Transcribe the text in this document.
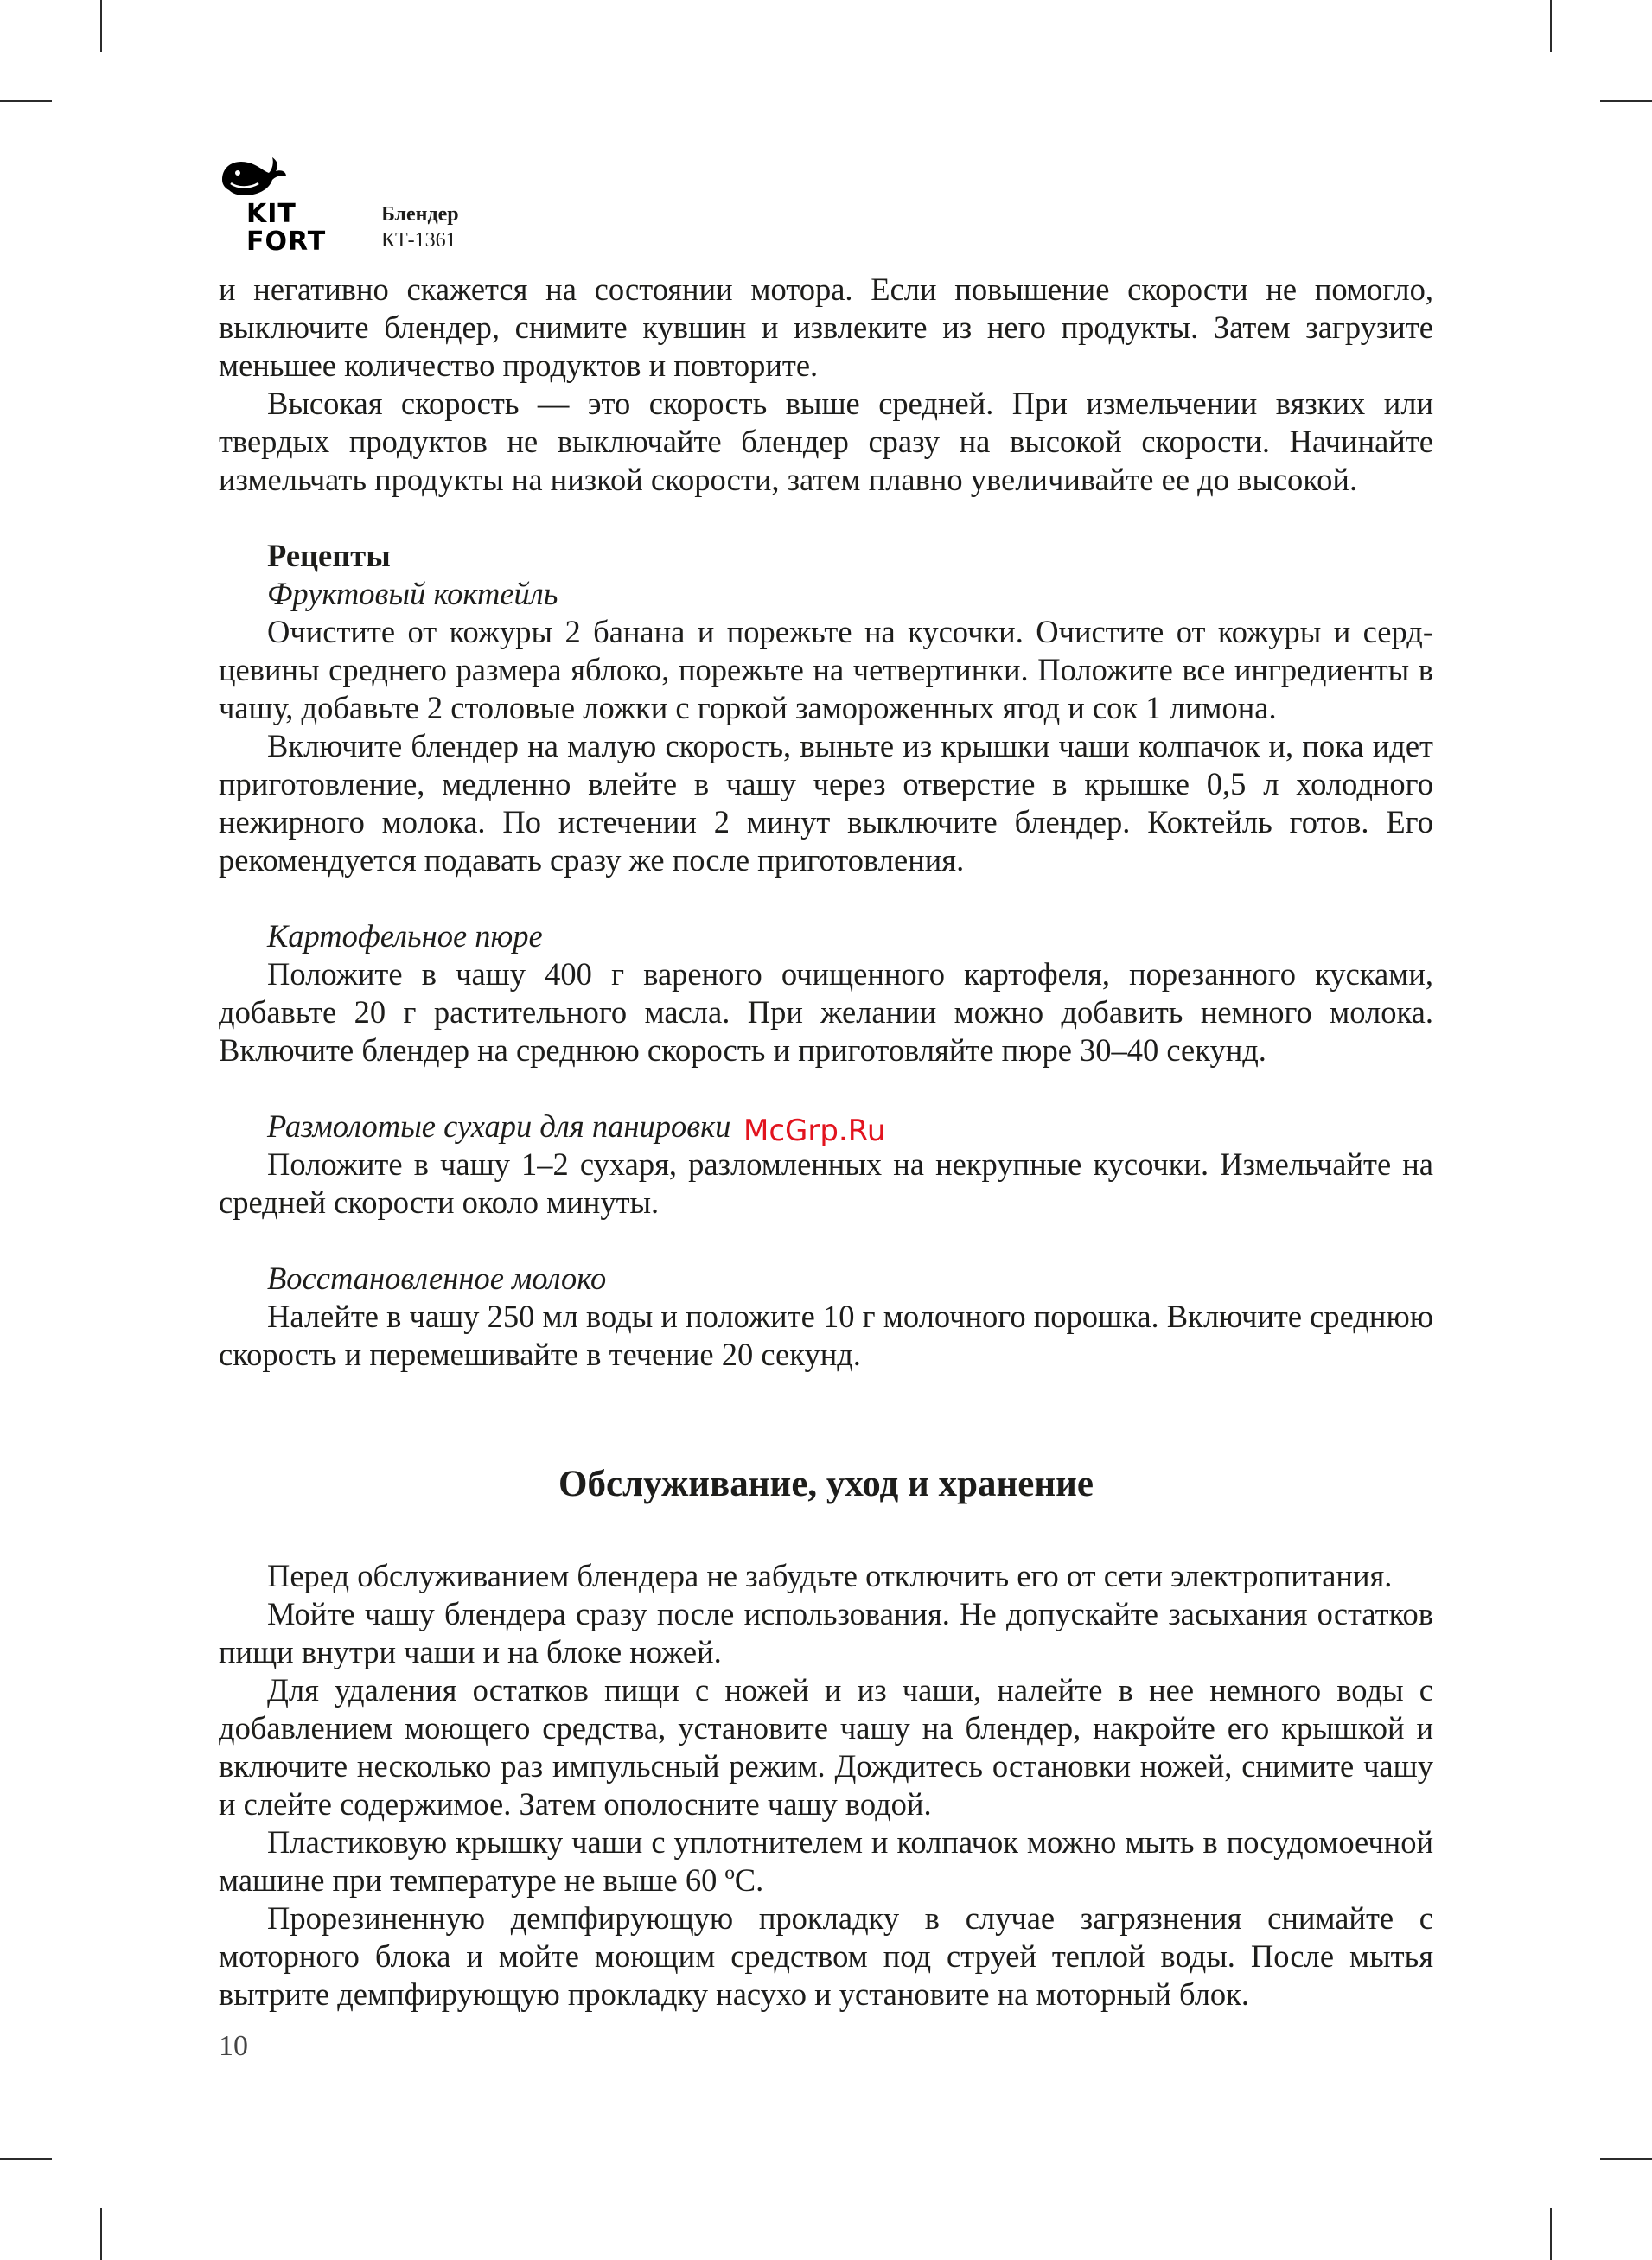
KIT
FORT
Блендер
КТ-1361

и негативно скажется на состоянии мотора. Если повышение скорости не помогло, выключите блендер, снимите кувшин и извлеките из него продукты. Затем загрузите меньшее количество продуктов и повторите.

Высокая скорость — это скорость выше средней. При измельчении вязких или твердых продуктов не выключайте блендер сразу на высокой скорости. Начинайте измельчать продукты на низкой скорости, затем плавно увеличивайте ее до высокой.

Рецепты
Фруктовый коктейль

Очистите от кожуры 2 банана и порежьте на кусочки. Очистите от кожуры и сердцевины среднего размера яблоко, порежьте на четвертинки. Положите все ингредиенты в чашу, добавьте 2 столовые ложки с горкой замороженных ягод и сок 1 лимона.

Включите блендер на малую скорость, выньте из крышки чаши колпачок и, пока идет приготовление, медленно влейте в чашу через отверстие в крышке 0,5 л холодного нежирного молока. По истечении 2 минут выключите блендер. Коктейль готов. Его рекомендуется подавать сразу же после приготовления.

Картофельное пюре

Положите в чашу 400 г вареного очищенного картофеля, порезанного кусками, добавьте 20 г растительного масла. При желании можно добавить немного молока. Включите блендер на среднюю скорость и приготовляйте пюре 30–40 секунд.

Размолотые сухари для панировки

Положите в чашу 1–2 сухаря, разломленных на некрупные кусочки. Измельчайте на средней скорости около минуты.

Восстановленное молоко

Налейте в чашу 250 мл воды и положите 10 г молочного порошка. Включите среднюю скорость и перемешивайте в течение 20 секунд.

Обслуживание, уход и хранение

Перед обслуживанием блендера не забудьте отключить его от сети электропитания.

Мойте чашу блендера сразу после использования. Не допускайте засыхания остатков пищи внутри чаши и на блоке ножей.

Для удаления остатков пищи с ножей и из чаши, налейте в нее немного воды с добавлением моющего средства, установите чашу на блендер, накройте его крышкой и включите несколько раз импульсный режим. Дождитесь остановки ножей, снимите чашу и слейте содержимое. Затем ополосните чашу водой.

Пластиковую крышку чаши с уплотнителем и колпачок можно мыть в посудомоечной машине при температуре не выше 60 ºС.

Прорезиненную демпфирующую прокладку в случае загрязнения снимайте с моторного блока и мойте моющим средством под струей теплой воды. После мытья вытрите демпфирующую прокладку насухо и установите на моторный блок.

McGrp.Ru
10
